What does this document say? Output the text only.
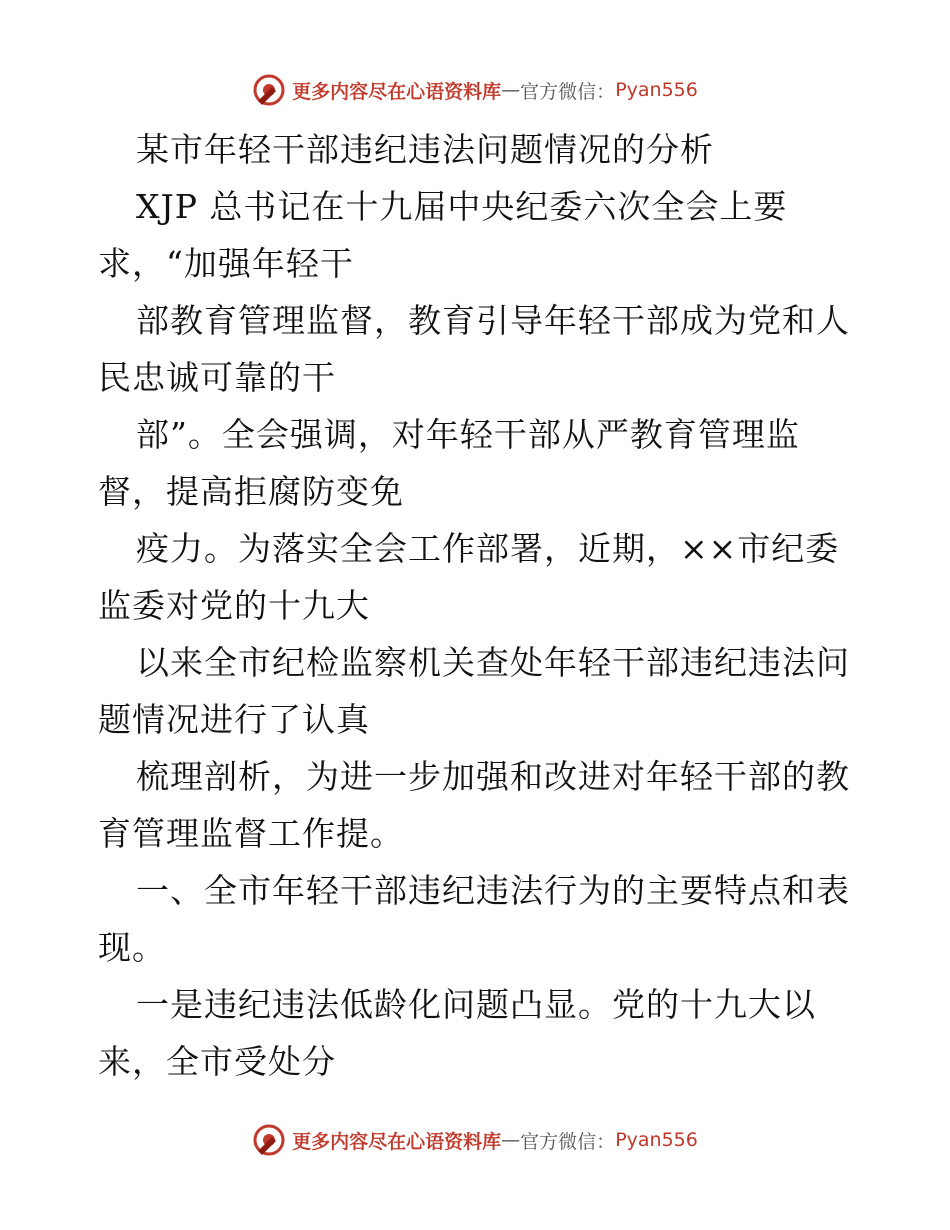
更多内容尽在心语资料库 — 官方微信： Pyan556
某市年轻干部违纪违法问题情况的分析
XJP 总书记在十九届中央纪委六次全会上要
求，“加强年轻干
部教育管理监督，教育引导年轻干部成为党和人
民忠诚可靠的干
部”。全会强调，对年轻干部从严教育管理监
督，提高拒腐防变免
疫力。为落实全会工作部署，近期，××市纪委
监委对党的十九大
以来全市纪检监察机关查处年轻干部违纪违法问
题情况进行了认真
梳理剖析，为进一步加强和改进对年轻干部的教
育管理监督工作提。
一、全市年轻干部违纪违法行为的主要特点和表
现。
一是违纪违法低龄化问题凸显。党的十九大以
来，全市受处分
更多内容尽在心语资料库 — 官方微信： Pyan556
